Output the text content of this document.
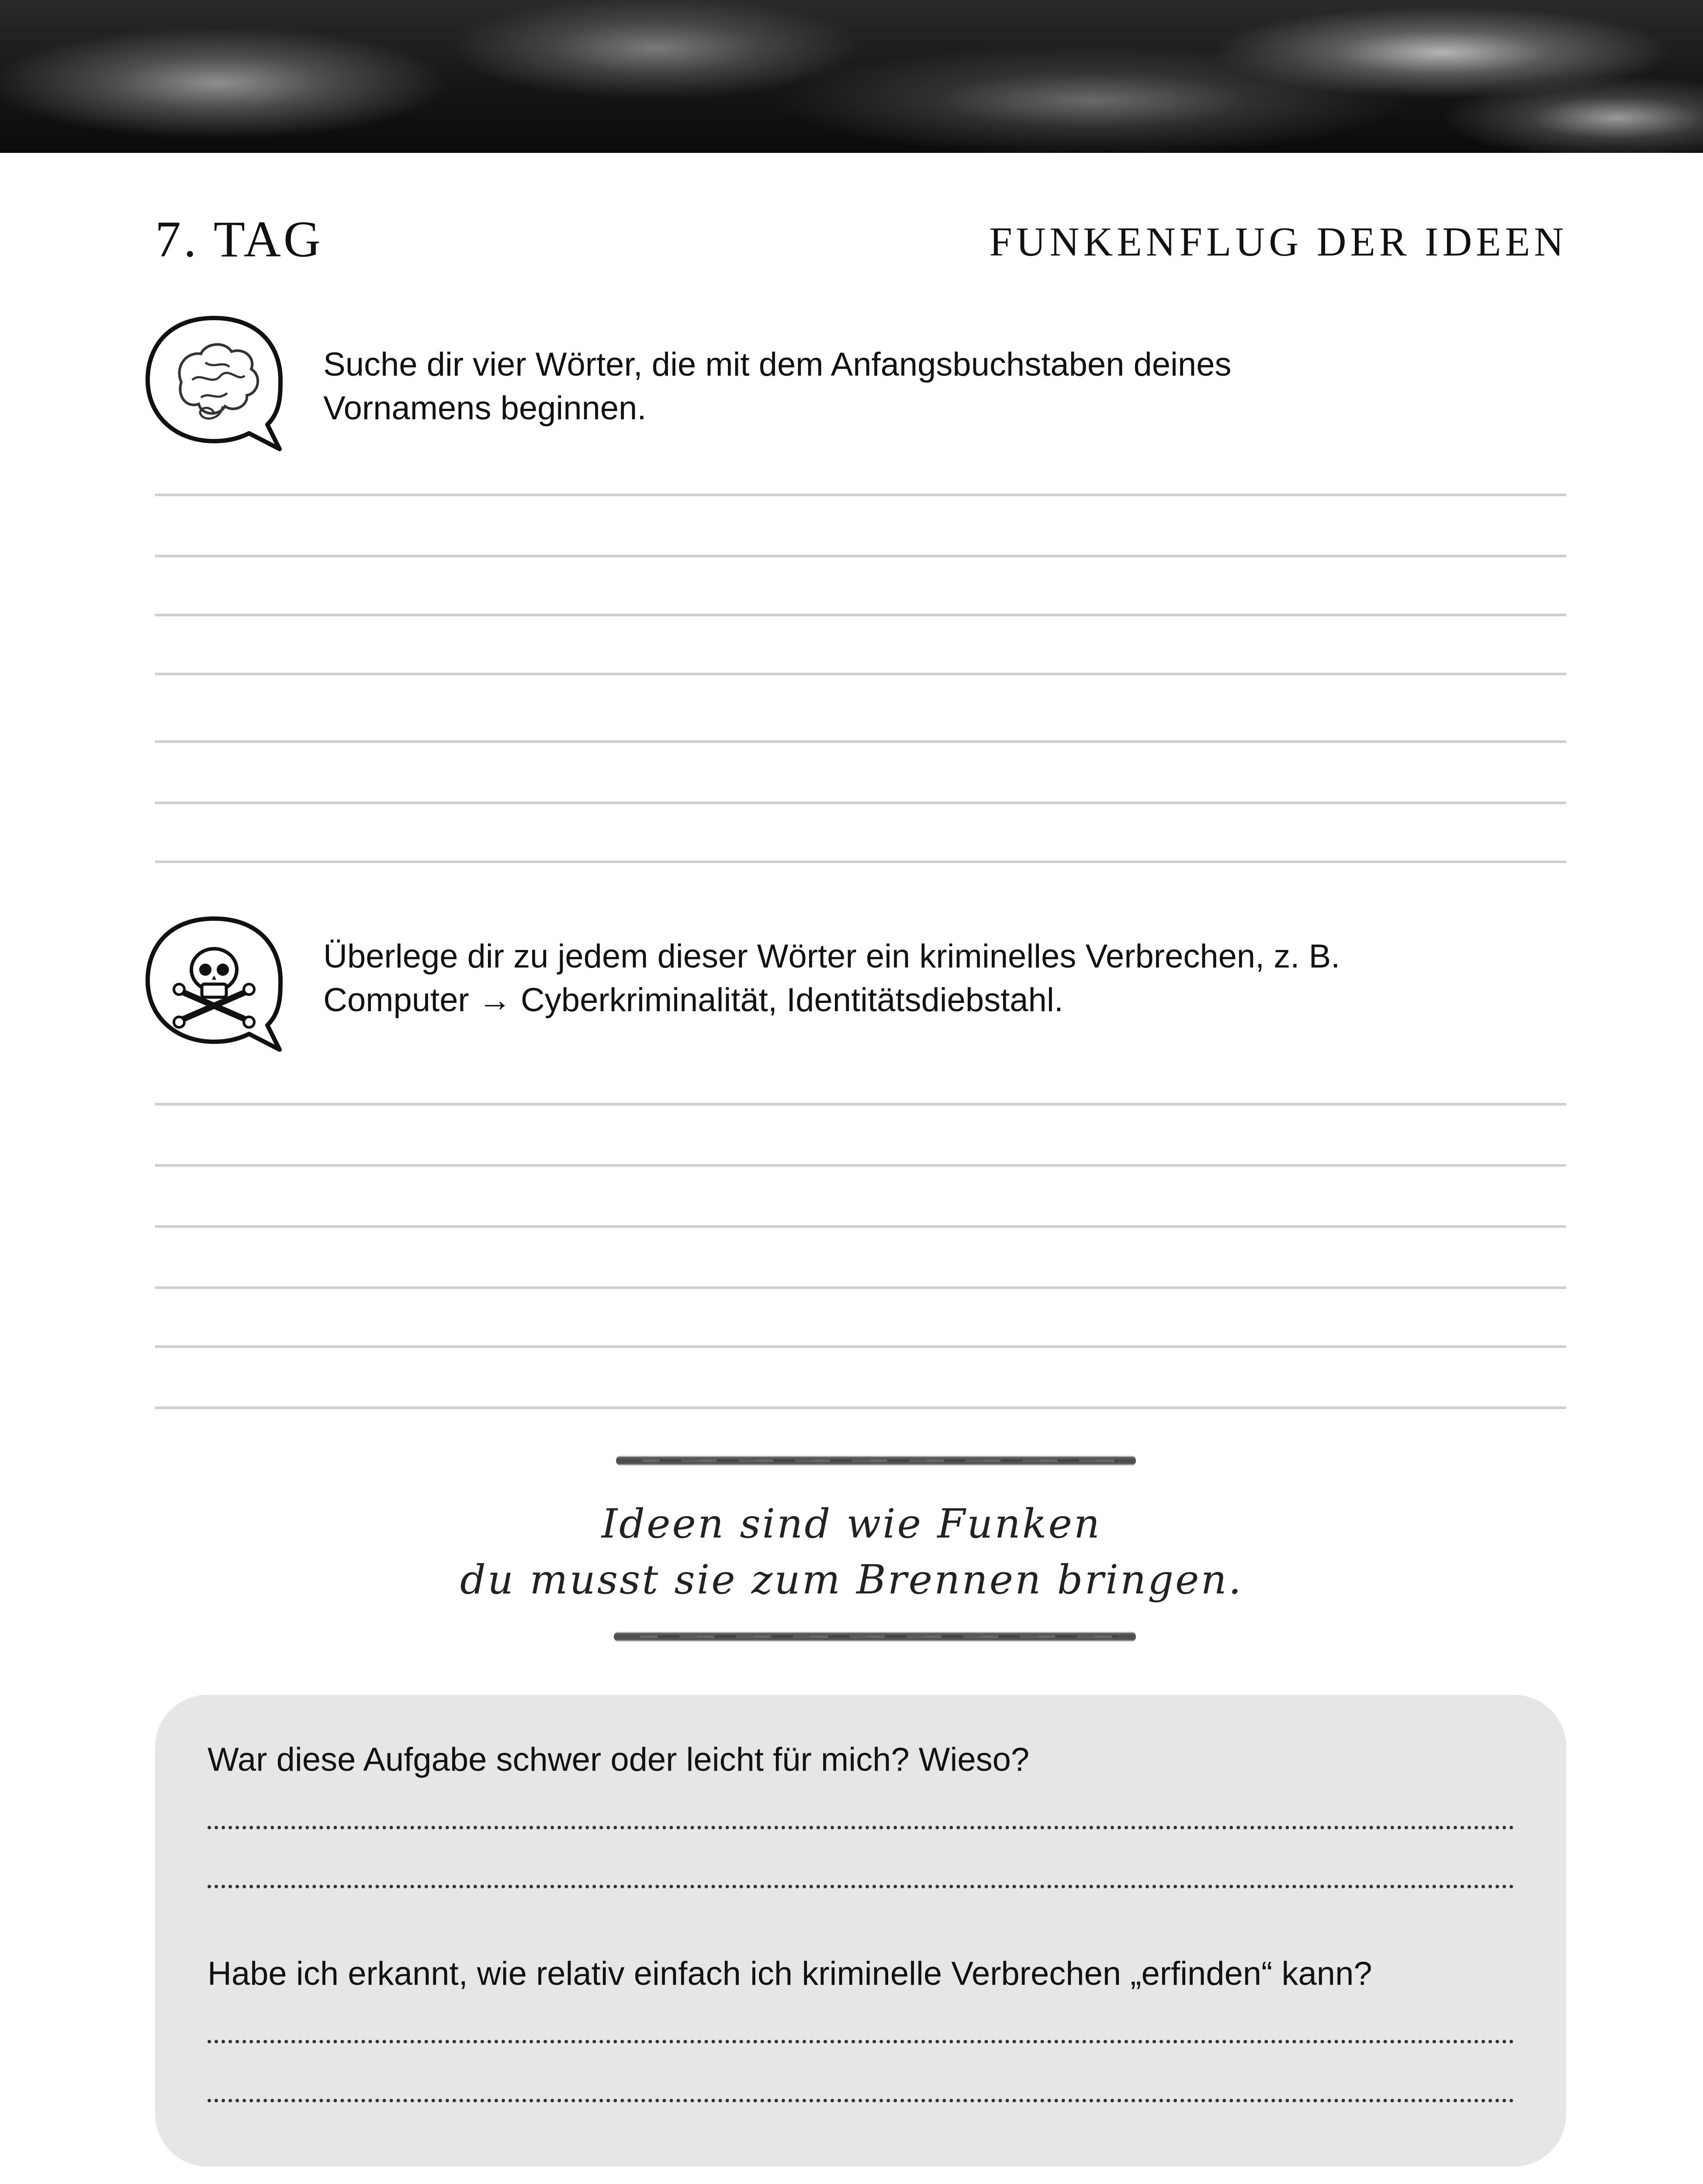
7. TAG	FUNKENFLUG DER IDEEN
Suche dir vier Wörter, die mit dem Anfangsbuchstaben deines
Vornamens beginnen.
Überlege dir zu jedem dieser Wörter ein kriminelles Verbrechen, z. B.
Computer → Cyberkriminalität, Identitätsdiebstahl.
Ideen sind wie Funken
du musst sie zum Brennen bringen.
War diese Aufgabe schwer oder leicht für mich? Wieso?
Habe ich erkannt, wie relativ einfach ich kriminelle Verbrechen „erfinden“ kann?
